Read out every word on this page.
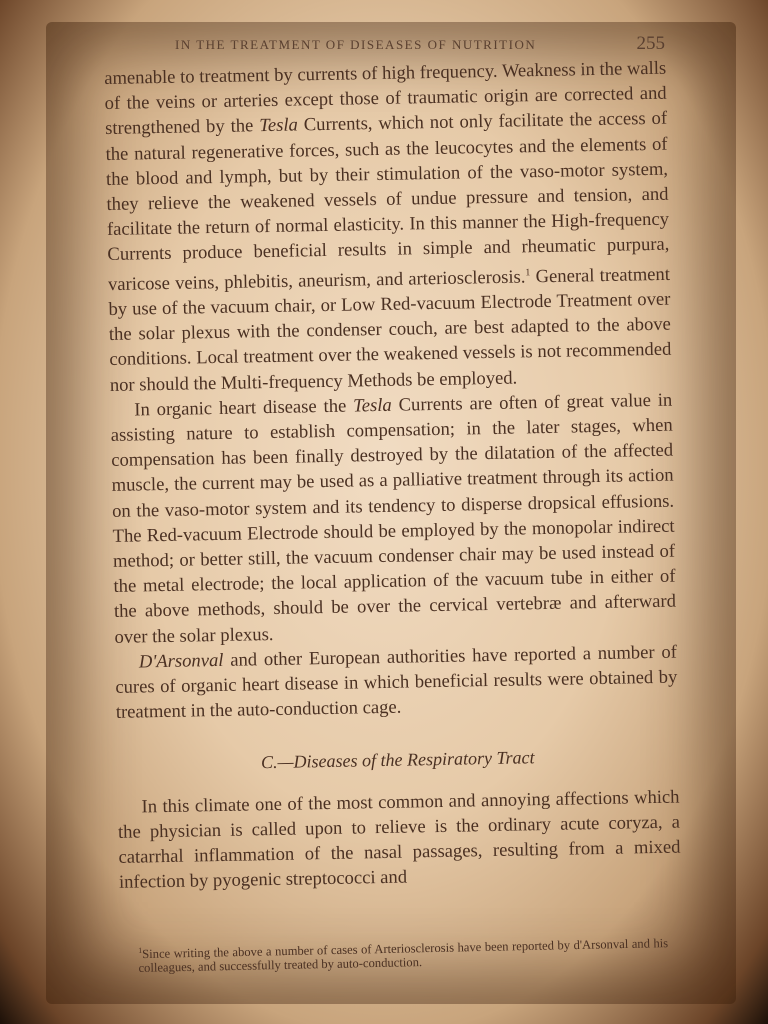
IN THE TREATMENT OF DISEASES OF NUTRITION	255

amenable to treatment by currents of high frequency. Weakness in the walls of the veins or arteries except those of traumatic origin are corrected and strengthened by the Tesla Currents, which not only facilitate the access of the natural regenerative forces, such as the leucocytes and the elements of the blood and lymph, but by their stimulation of the vaso-motor system, they relieve the weakened vessels of undue pressure and tension, and facilitate the return of normal elasticity. In this manner the High-frequency Currents produce beneficial results in simple and rheumatic purpura, varicose veins, phlebitis, aneurism, and arteriosclerosis.$^1$ General treatment by use of the vacuum chair, or Low Red-vacuum Electrode Treatment over the solar plexus with the condenser couch, are best adapted to the above conditions. Local treatment over the weakened vessels is not recommended nor should the Multi-frequency Methods be employed.

In organic heart disease the Tesla Currents are often of great value in assisting nature to establish compensation; in the later stages, when compensation has been finally destroyed by the dilatation of the affected muscle, the current may be used as a palliative treatment through its action on the vaso-motor system and its tendency to disperse dropsical effusions. The Red-vacuum Electrode should be employed by the monopolar indirect method; or better still, the vacuum condenser chair may be used instead of the metal electrode; the local application of the vacuum tube in either of the above methods, should be over the cervical vertebræ and afterward over the solar plexus.

D'Arsonval and other European authorities have reported a number of cures of organic heart disease in which beneficial results were obtained by treatment in the auto-conduction cage.

C.—Diseases of the Respiratory Tract

In this climate one of the most common and annoying affections which the physician is called upon to relieve is the ordinary acute coryza, a catarrhal inflammation of the nasal passages, resulting from a mixed infection by pyogenic streptococci and

$^1$Since writing the above a number of cases of Arteriosclerosis have been reported by d'Arsonval and his colleagues, and successfully treated by auto-conduction.
